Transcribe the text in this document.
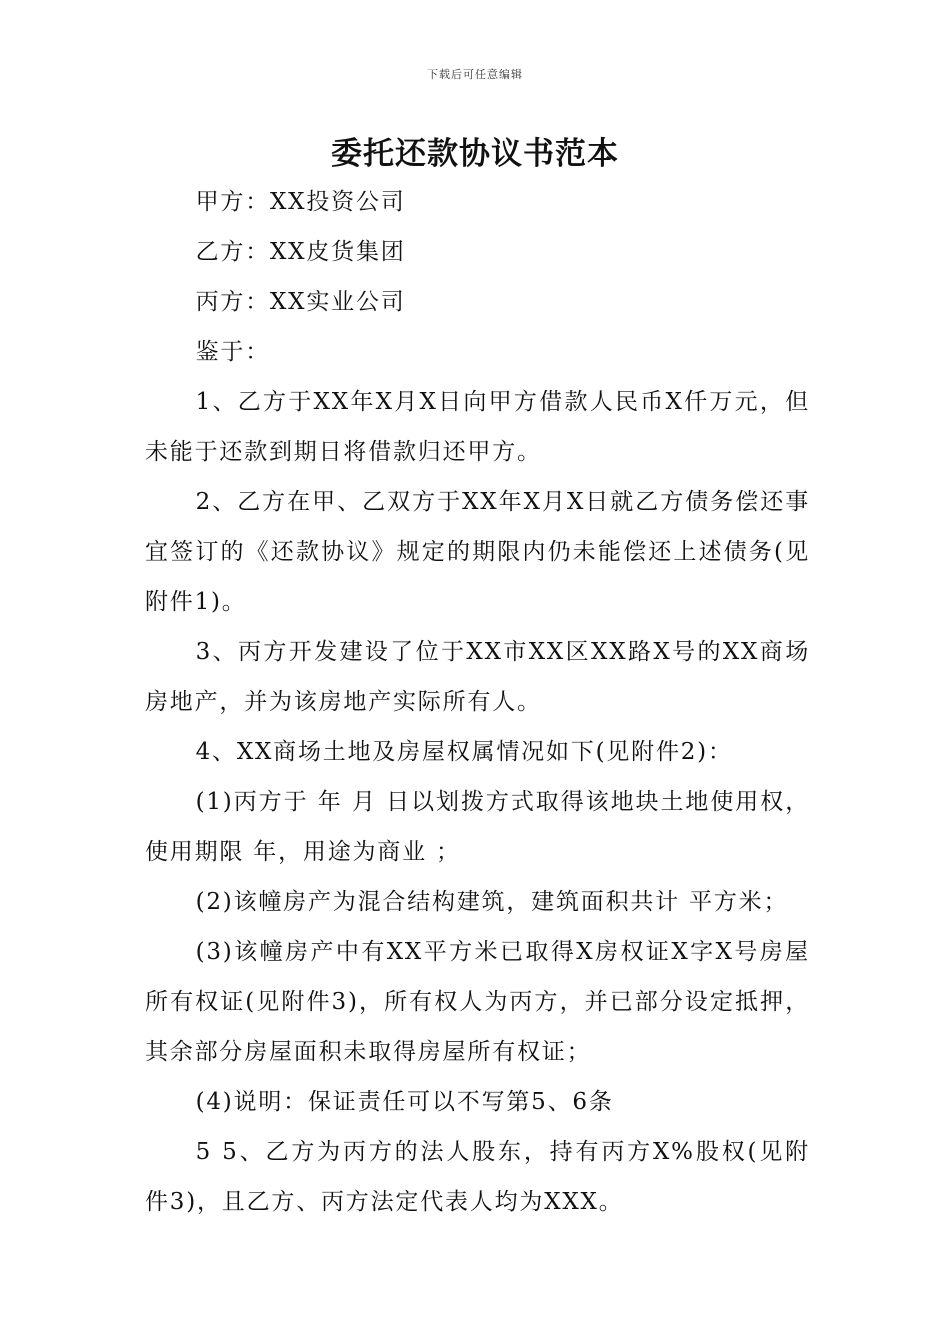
下载后可任意编辑
委托还款协议书范本

甲方：XX投资公司

乙方：XX皮货集团

丙方：XX实业公司

鉴于：

1、乙方于XX年X月X日向甲方借款人民币X仟万元，但未能于还款到期日将借款归还甲方。

2、乙方在甲、乙双方于XX年X月X日就乙方债务偿还事宜签订的《还款协议》规定的期限内仍未能偿还上述债务(见附件1)。

3、丙方开发建设了位于XX市XX区XX路X号的XX商场房地产，并为该房地产实际所有人。

4、XX商场土地及房屋权属情况如下(见附件2)：

(1)丙方于 年 月 日以划拨方式取得该地块土地使用权，使用期限 年，用途为商业 ；

(2)该幢房产为混合结构建筑，建筑面积共计 平方米；

(3)该幢房产中有XX平方米已取得X房权证X字X号房屋所有权证(见附件3)，所有权人为丙方，并已部分设定抵押，其余部分房屋面积未取得房屋所有权证；

(4)说明：保证责任可以不写第5、6条

5 5、乙方为丙方的法人股东，持有丙方X%股权(见附件3)，且乙方、丙方法定代表人均为XXX。
